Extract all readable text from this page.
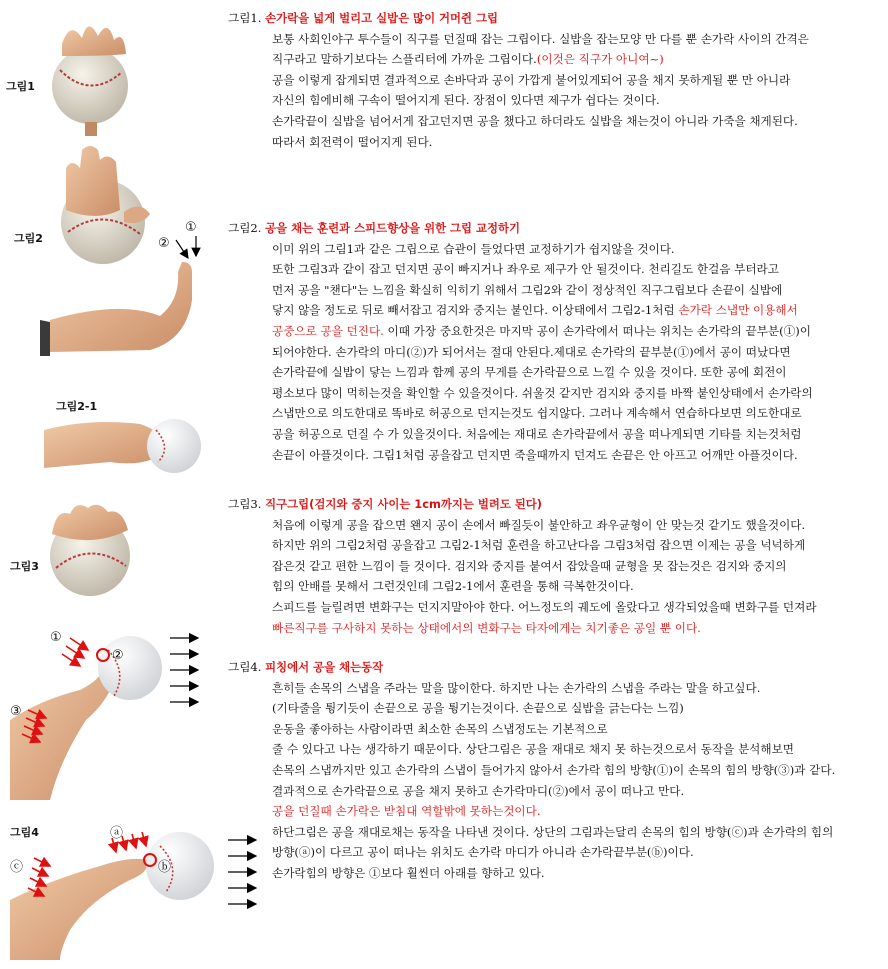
그림1
그림2
그림2-1
그림3
그림4
①
②
①
②
③
ⓐ
ⓑ
ⓒ
그림1. 손가락을 넓게 벌리고 실밥은 많이 거머쥔 그립
보통 사회인야구 투수들이 직구를 던질때 잡는 그립이다. 실밥을 잡는모양 만 다를 뿐 손가락 사이의 간격은
직구라고 말하기보다는 스플리터에 가까운 그립이다.(이것은 직구가 아니여~)
공을 이렇게 잡게되면 결과적으로 손바닥과 공이 가깝게 붙어있게되어 공을 채지 못하게될 뿐 만 아니라
자신의 힘에비해 구속이 떨어지게 된다. 장점이 있다면 제구가 쉽다는 것이다.
손가락끝이 실밥을 넘어서게 잡고던지면 공을 챘다고 하더라도 실밥을 채는것이 아니라 가죽을 채게된다.
따라서 회전력이 떨어지게 된다.
그림2. 공을 채는 훈련과 스피드향상을 위한 그립 교정하기
이미 위의 그림1과 같은 그립으로 습관이 들었다면 교정하기가 쉽지않을 것이다.
또한 그림3과 같이 잡고 던지면 공이 빠지거나 좌우로 제구가 안 될것이다. 천리길도 한걸음 부터라고
먼저 공을 "챈다"는 느낌을 확실히 익히기 위해서 그림2와 같이 정상적인 직구그립보다 손끝이 실밥에
닿지 않을 정도로 뒤로 빼서잡고 검지와 중지는 붙인다. 이상태에서 그림2-1처럼 손가락 스냅만 이용해서
공중으로 공을 던진다. 이때 가장 중요한것은 마지막 공이 손가락에서 떠나는 위치는 손가락의 끝부분(①)이
되어야한다. 손가락의 마디(②)가 되어서는 절대 안된다.제대로 손가락의 끝부분(①)에서 공이 떠났다면
손가락끝에 실밥이 닿는 느낌과 함께 공의 무게를 손가락끝으로 느낄 수 있을 것이다. 또한 공에 회전이
평소보다 많이 먹히는것을 확인할 수 있을것이다. 쉬울것 같지만 검지와 중지를 바짝 붙인상태에서 손가락의
스냅만으로 의도한대로 똑바로 허공으로 던지는것도 쉽지않다. 그러나 계속해서 연습하다보면 의도한대로
공을 허공으로 던질 수 가 있을것이다. 처음에는 재대로 손가락끝에서 공을 떠나게되면 기타를 치는것처럼
손끝이 아플것이다. 그림1처럼 공을잡고 던지면 죽을때까지 던져도 손끝은 안 아프고 어깨만 아플것이다.
그림3. 직구그립(검지와 중지 사이는 1cm까지는 벌려도 된다)
처음에 이렇게 공을 잡으면 왠지 공이 손에서 빠질듯이 불안하고 좌우균형이 안 맞는것 같기도 했을것이다.
하지만 위의 그림2처럼 공을잡고 그림2-1처럼 훈련을 하고난다음 그림3처럼 잡으면 이제는 공을 넉넉하게
잡은것 같고 편한 느낌이 들 것이다. 검지와 중지를 붙여서 잡았을때 균형을 못 잡는것은 검지와 중지의
힘의 안배를 못해서 그런것인데 그림2-1에서 훈련을 통해 극복한것이다.
스피드를 늘릴려면 변화구는 던지지말아야 한다. 어느정도의 궤도에 올랐다고 생각되었을때 변화구를 던져라
빠른직구를 구사하지 못하는 상태에서의 변화구는 타자에게는 치기좋은 공일 뿐 이다.
그림4. 피칭에서 공을 채는동작
흔히들 손목의 스냅을 주라는 말을 많이한다. 하지만 나는 손가락의 스냅을 주라는 말을 하고싶다.
(기타줄을 튕기듯이 손끝으로 공을 튕기는것이다. 손끝으로 실밥을 긁는다는 느낌)
운동을 좋아하는 사람이라면 최소한 손목의 스냅정도는 기본적으로
줄 수 있다고 나는 생각하기 때문이다. 상단그림은 공을 재대로 채지 못 하는것으로서 동작을 분석해보면
손목의 스냅까지만 있고 손가락의 스냅이 들어가지 않아서 손가락 힘의 방향(①)이 손목의 힘의 방향(③)과 같다.
결과적으로 손가락끝으로 공을 채지 못하고 손가락마디(②)에서 공이 떠나고 만다.
공을 던질때 손가락은 받침대 역할밖에 못하는것이다.
하단그림은 공을 재대로채는 동작을 나타낸 것이다. 상단의 그림과는달리 손목의 힘의 방향(ⓒ)과 손가락의 힘의
방향(ⓐ)이 다르고 공이 떠나는 위치도 손가락 마디가 아니라 손가락끝부분(ⓑ)이다.
손가락힘의 방향은 ①보다 훨씬더 아래를 향하고 있다.
